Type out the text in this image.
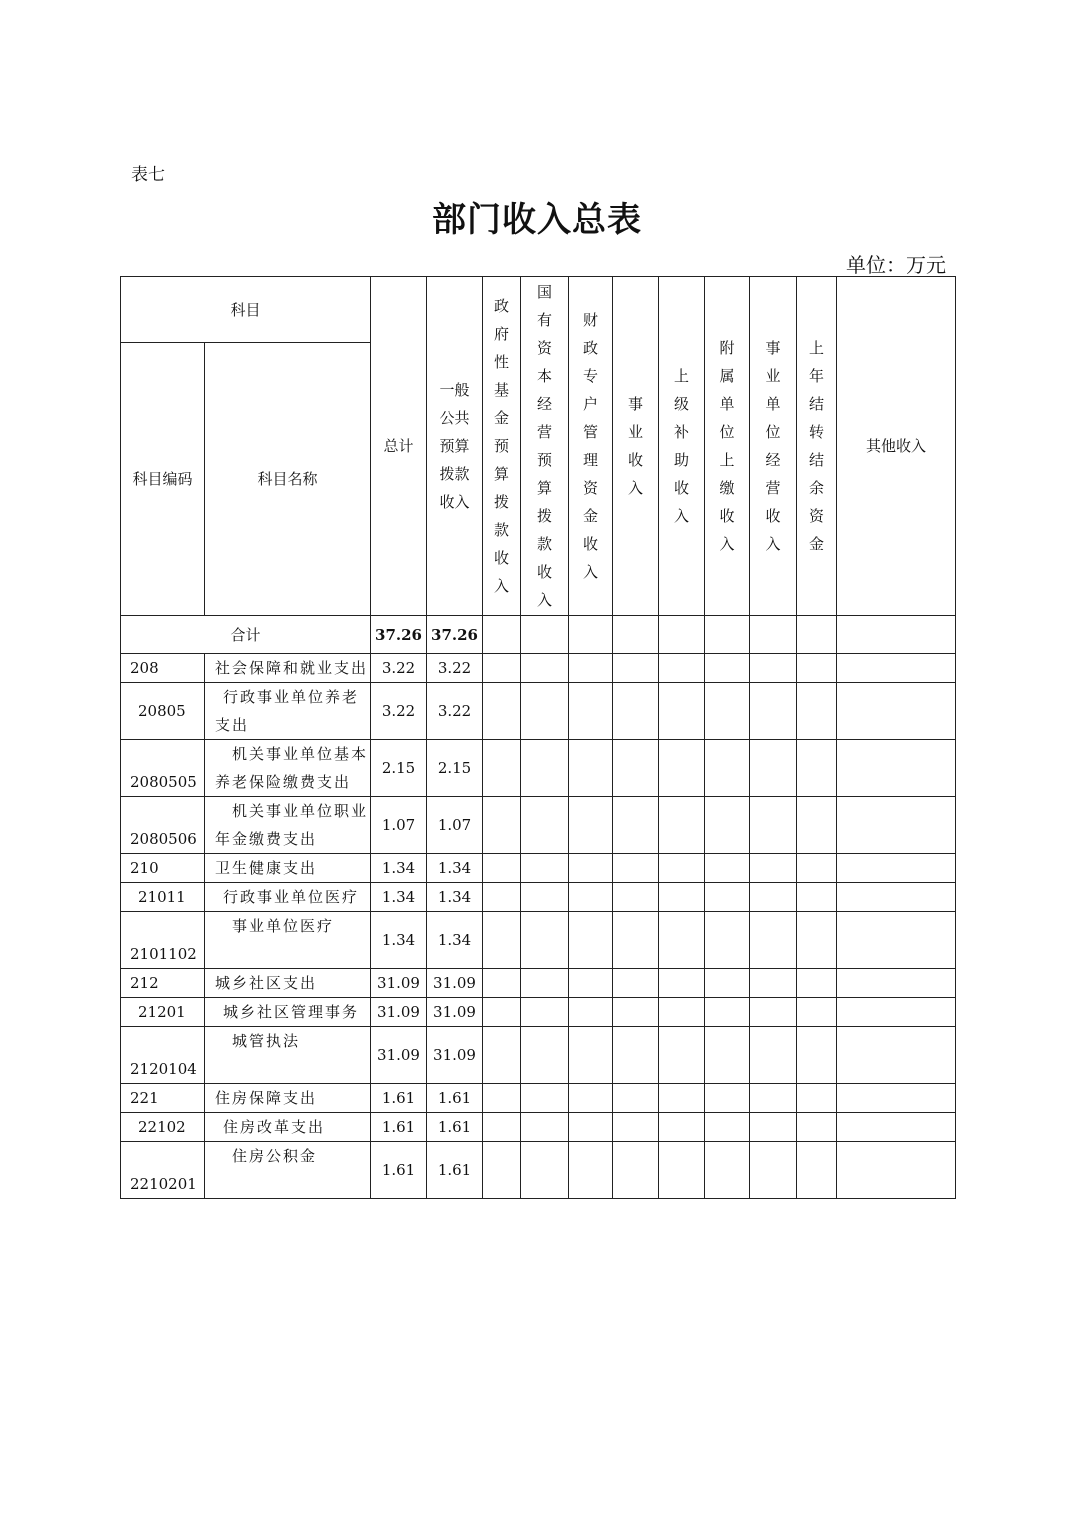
表七
部门收入总表
单位：万元
科目		总计	一般公共预算拨款收入	政府性基金预算拨款收入	国有资本经营预算拨款收入	财政专户管理资金收入	事业收入	上级补助收入	附属单位上缴收入	事业单位经营收入	上年结转结余资金	其他收入
科目编码	科目名称											
合计		37.26	37.26									
208	社会保障和就业支出	3.22	3.22									
20805	行政事业单位养老支出	3.22	3.22									
2080505	机关事业单位基本养老保险缴费支出	2.15	2.15									
2080506	机关事业单位职业年金缴费支出	1.07	1.07									
210	卫生健康支出	1.34	1.34									
21011	行政事业单位医疗	1.34	1.34									
2101102	事业单位医疗	1.34	1.34									
212	城乡社区支出	31.09	31.09									
21201	城乡社区管理事务	31.09	31.09									
2120104	城管执法	31.09	31.09									
221	住房保障支出	1.61	1.61									
22102	住房改革支出	1.61	1.61									
2210201	住房公积金	1.61	1.61									
